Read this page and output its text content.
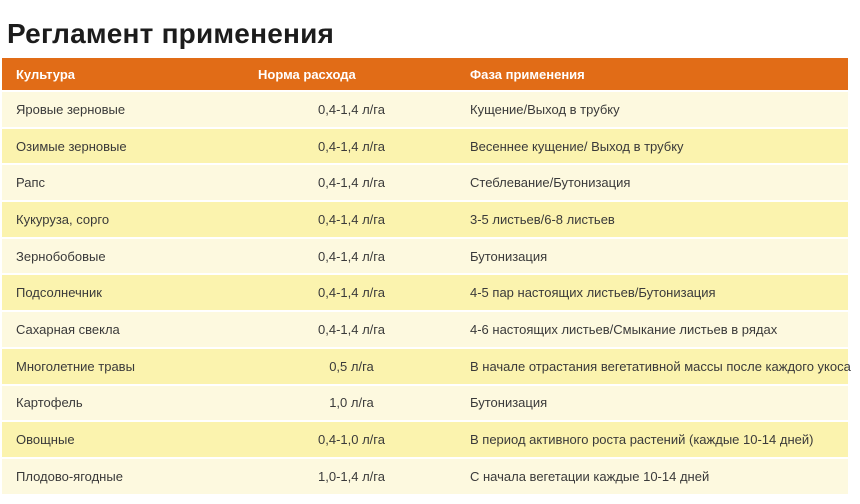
Регламент применения
Культура	Норма расхода	Фаза применения
Яровые зерновые	0,4-1,4 л/га	Кущение/Выход в трубку
Озимые зерновые	0,4-1,4 л/га	Весеннее кущение/ Выход в трубку
Рапс	0,4-1,4 л/га	Стеблевание/Бутонизация
Кукуруза, сорго	0,4-1,4 л/га	3-5 листьев/6-8 листьев
Зернобобовые	0,4-1,4 л/га	Бутонизация
Подсолнечник	0,4-1,4 л/га	4-5 пар настоящих листьев/Бутонизация
Сахарная свекла	0,4-1,4 л/га	4-6 настоящих листьев/Смыкание листьев в рядах
Многолетние травы	0,5 л/га	В начале отрастания вегетативной массы после каждого укоса
Картофель	1,0 л/га	Бутонизация
Овощные	0,4-1,0 л/га	В период активного роста растений (каждые 10-14 дней)
Плодово-ягодные	1,0-1,4 л/га	С начала вегетации каждые 10-14 дней
